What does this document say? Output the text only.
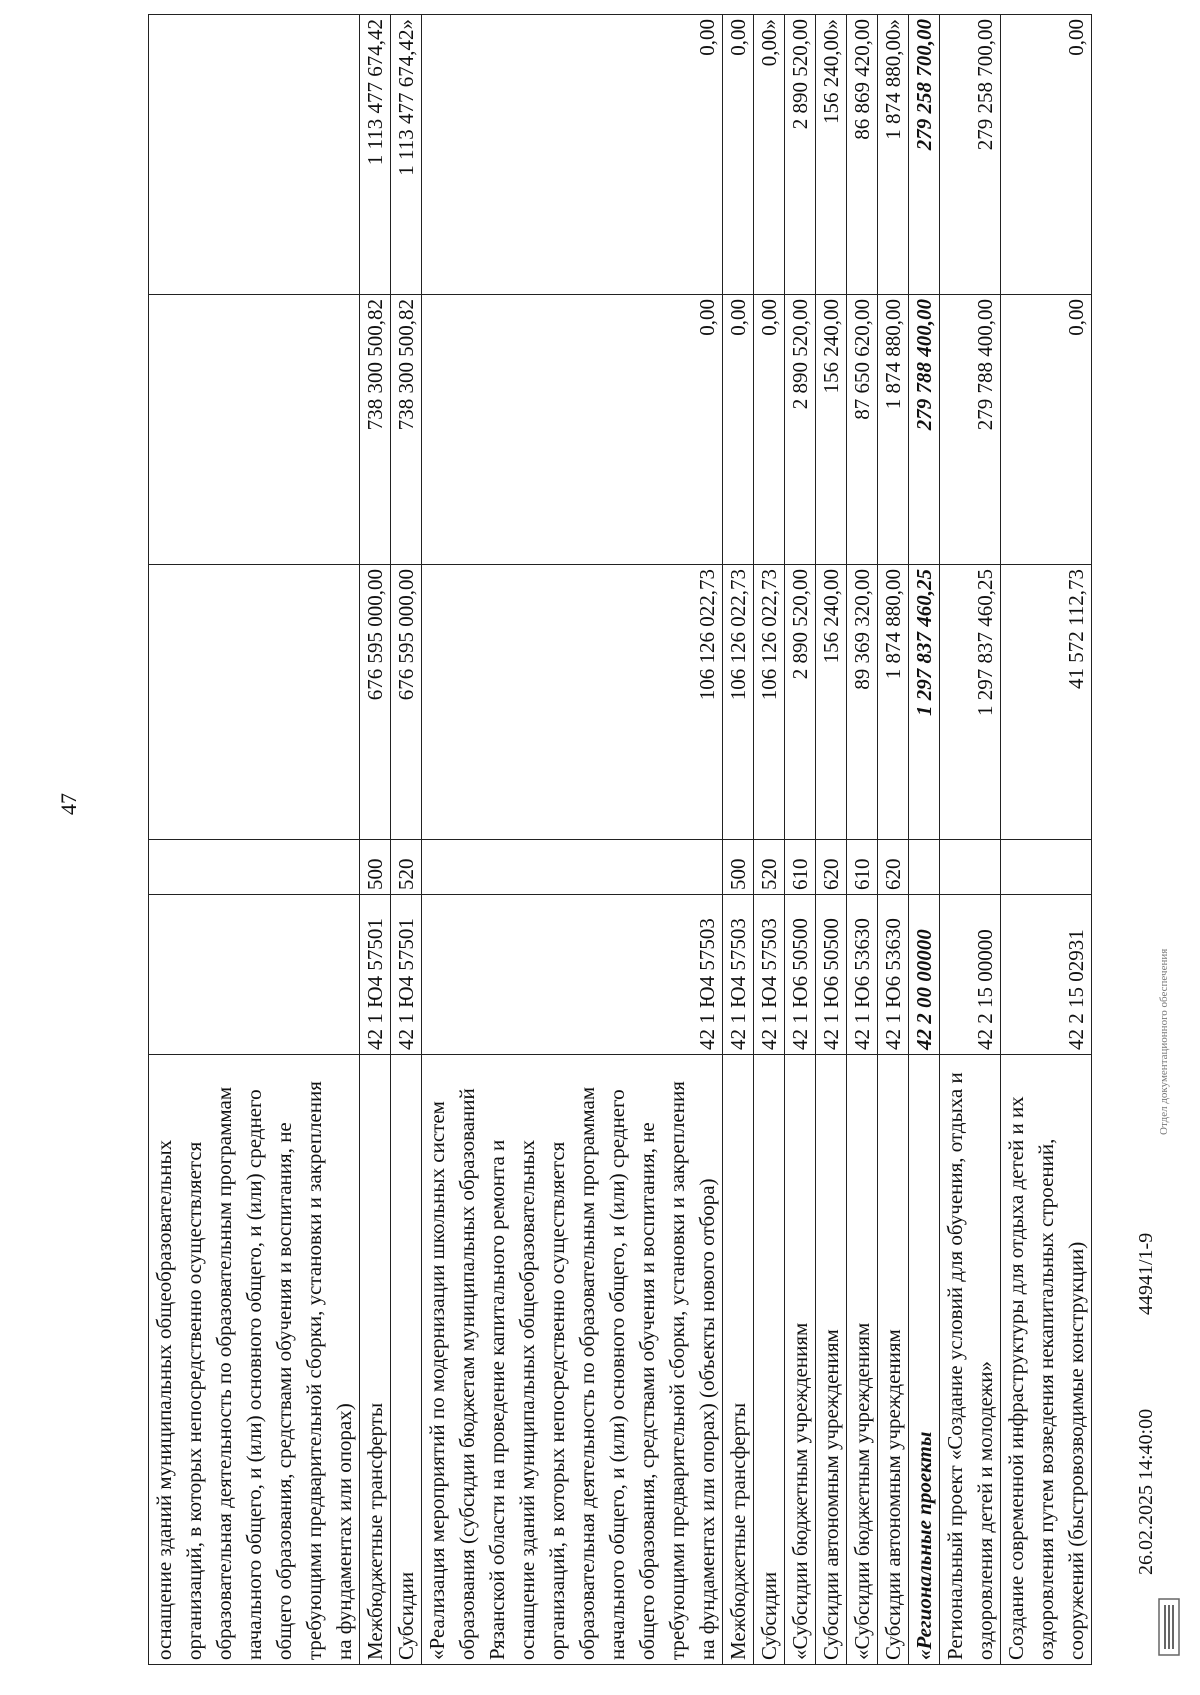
47
оснащение зданий муниципальных общеобразовательных организаций, в которых непосредственно осуществляется образовательная деятельность по образовательным программам начального общего, и (или) основного общего, и (или) среднего общего образования, средствами обучения и воспитания, не требующими предварительной сборки, установки и закрепления на фундаментах или опорах)					
Межбюджетные трансферты	42 1 Ю4 57501	500	676 595 000,00	738 300 500,82	1 113 477 674,42
Субсидии	42 1 Ю4 57501	520	676 595 000,00	738 300 500,82	1 113 477 674,42»
«Реализация мероприятий по модернизации школьных систем образования (субсидии бюджетам муниципальных образований Рязанской области на проведение капитального ремонта и оснащение зданий муниципальных общеобразовательных организаций, в которых непосредственно осуществляется образовательная деятельность по образовательным программам начального общего, и (или) основного общего, и (или) среднего общего образования, средствами обучения и воспитания, не требующими предварительной сборки, установки и закрепления на фундаментах или опорах) (объекты нового отбора)	42 1 Ю4 57503		106 126 022,73	0,00	0,00
Межбюджетные трансферты	42 1 Ю4 57503	500	106 126 022,73	0,00	0,00
Субсидии	42 1 Ю4 57503	520	106 126 022,73	0,00	0,00»
«Субсидии бюджетным учреждениям	42 1 Ю6 50500	610	2 890 520,00	2 890 520,00	2 890 520,00
Субсидии автономным учреждениям	42 1 Ю6 50500	620	156 240,00	156 240,00	156 240,00»
«Субсидии бюджетным учреждениям	42 1 Ю6 53630	610	89 369 320,00	87 650 620,00	86 869 420,00
Субсидии автономным учреждениям	42 1 Ю6 53630	620	1 874 880,00	1 874 880,00	1 874 880,00»
«Региональные проекты	42 2 00 00000		1 297 837 460,25	279 788 400,00	279 258 700,00
Региональный проект «Создание условий для обучения, отдыха и оздоровления детей и молодежи»	42 2 15 00000		1 297 837 460,25	279 788 400,00	279 258 700,00
Создание современной инфраструктуры для отдыха детей и их оздоровления путем возведения некапитальных строений, сооружений (быстровозводимые конструкции)	42 2 15 02931		41 572 112,73	0,00	0,00
26.02.2025 14:40:00
44941/1-9
Отдел документационного обеспечения
